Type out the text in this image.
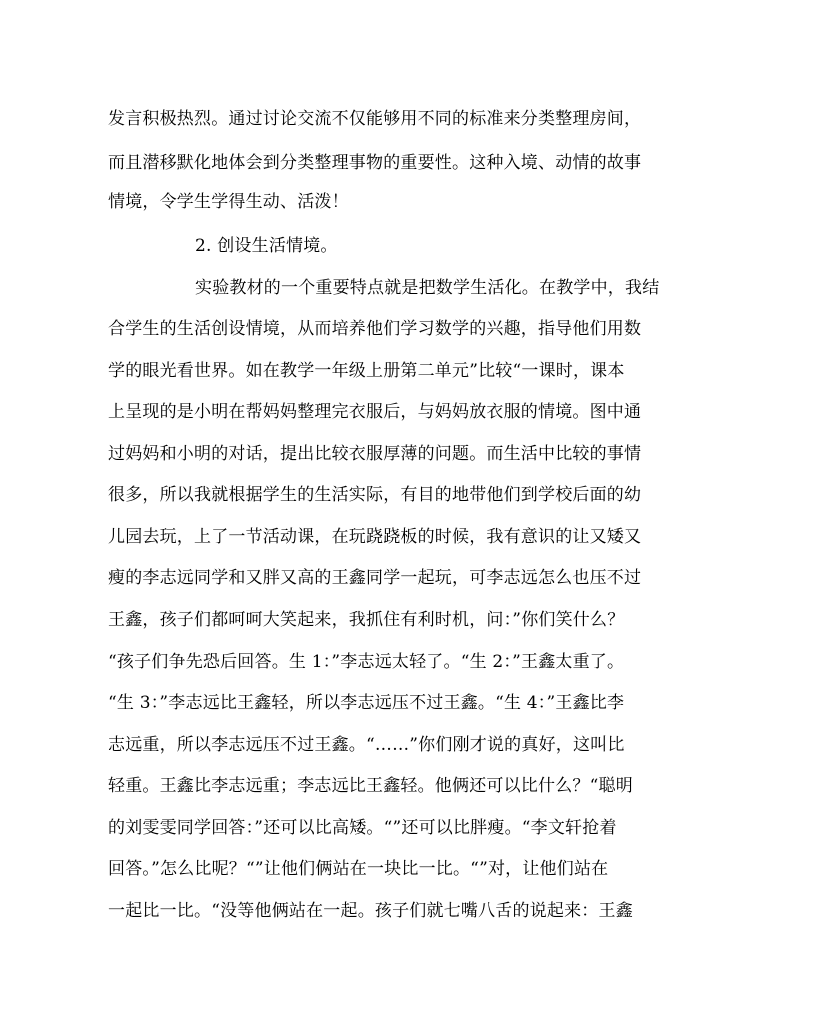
发言积极热烈。通过讨论交流不仅能够用不同的标准来分类整理房间，
而且潜移默化地体会到分类整理事物的重要性。这种入境、动情的故事
情境，令学生学得生动、活泼！
2. 创设生活情境。
实验教材的一个重要特点就是把数学生活化。在教学中，我结
合学生的生活创设情境，从而培养他们学习数学的兴趣，指导他们用数
学的眼光看世界。如在教学一年级上册第二单元”比较“一课时，课本
上呈现的是小明在帮妈妈整理完衣服后，与妈妈放衣服的情境。图中通
过妈妈和小明的对话，提出比较衣服厚薄的问题。而生活中比较的事情
很多，所以我就根据学生的生活实际，有目的地带他们到学校后面的幼
儿园去玩，上了一节活动课，在玩跷跷板的时候，我有意识的让又矮又
瘦的李志远同学和又胖又高的王鑫同学一起玩，可李志远怎么也压不过
王鑫，孩子们都呵呵大笑起来，我抓住有利时机，问：”你们笑什么？
“孩子们争先恐后回答。生 1：”李志远太轻了。“生 2：”王鑫太重了。
“生 3：”李志远比王鑫轻，所以李志远压不过王鑫。“生 4：”王鑫比李
志远重，所以李志远压不过王鑫。“……”你们刚才说的真好，这叫比
轻重。王鑫比李志远重；李志远比王鑫轻。他俩还可以比什么？“聪明
的刘雯雯同学回答：”还可以比高矮。“”还可以比胖瘦。“李文轩抢着
回答。”怎么比呢？“”让他们俩站在一块比一比。“”对，让他们站在
一起比一比。“没等他俩站在一起。孩子们就七嘴八舌的说起来：王鑫
